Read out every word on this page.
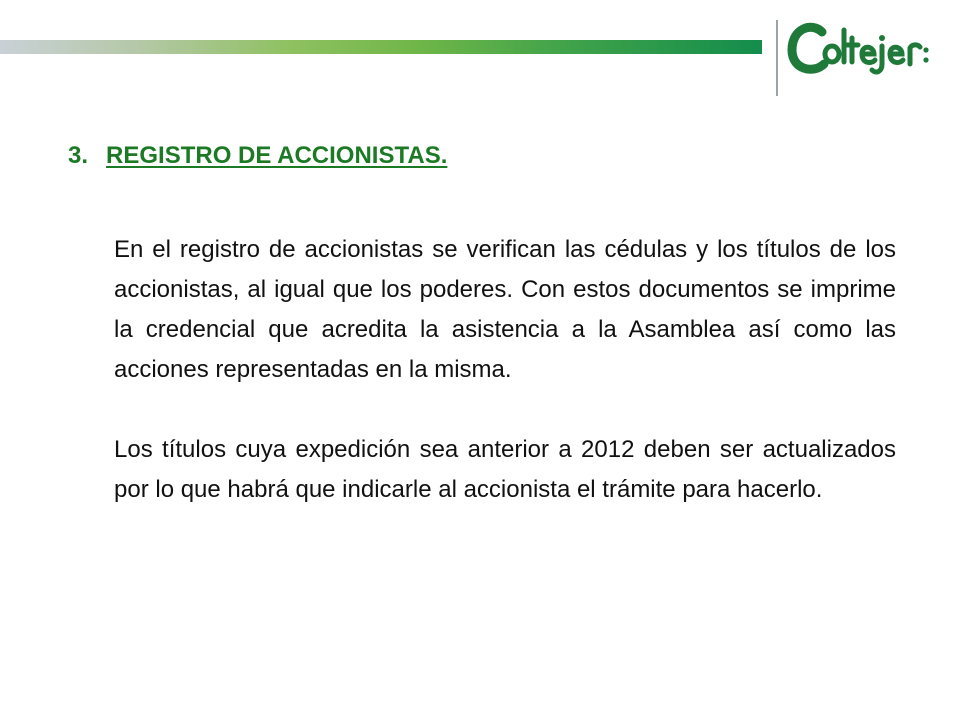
3. REGISTRO DE ACCIONISTAS.

En el registro de accionistas se verifican las cédulas y los títulos de los accionistas, al igual que los poderes. Con estos documentos se imprime la credencial que acredita la asistencia a la Asamblea así como las acciones representadas en la misma.

Los títulos cuya expedición sea anterior a 2012 deben ser actualizados por lo que habrá que indicarle al accionista el trámite para hacerlo.
